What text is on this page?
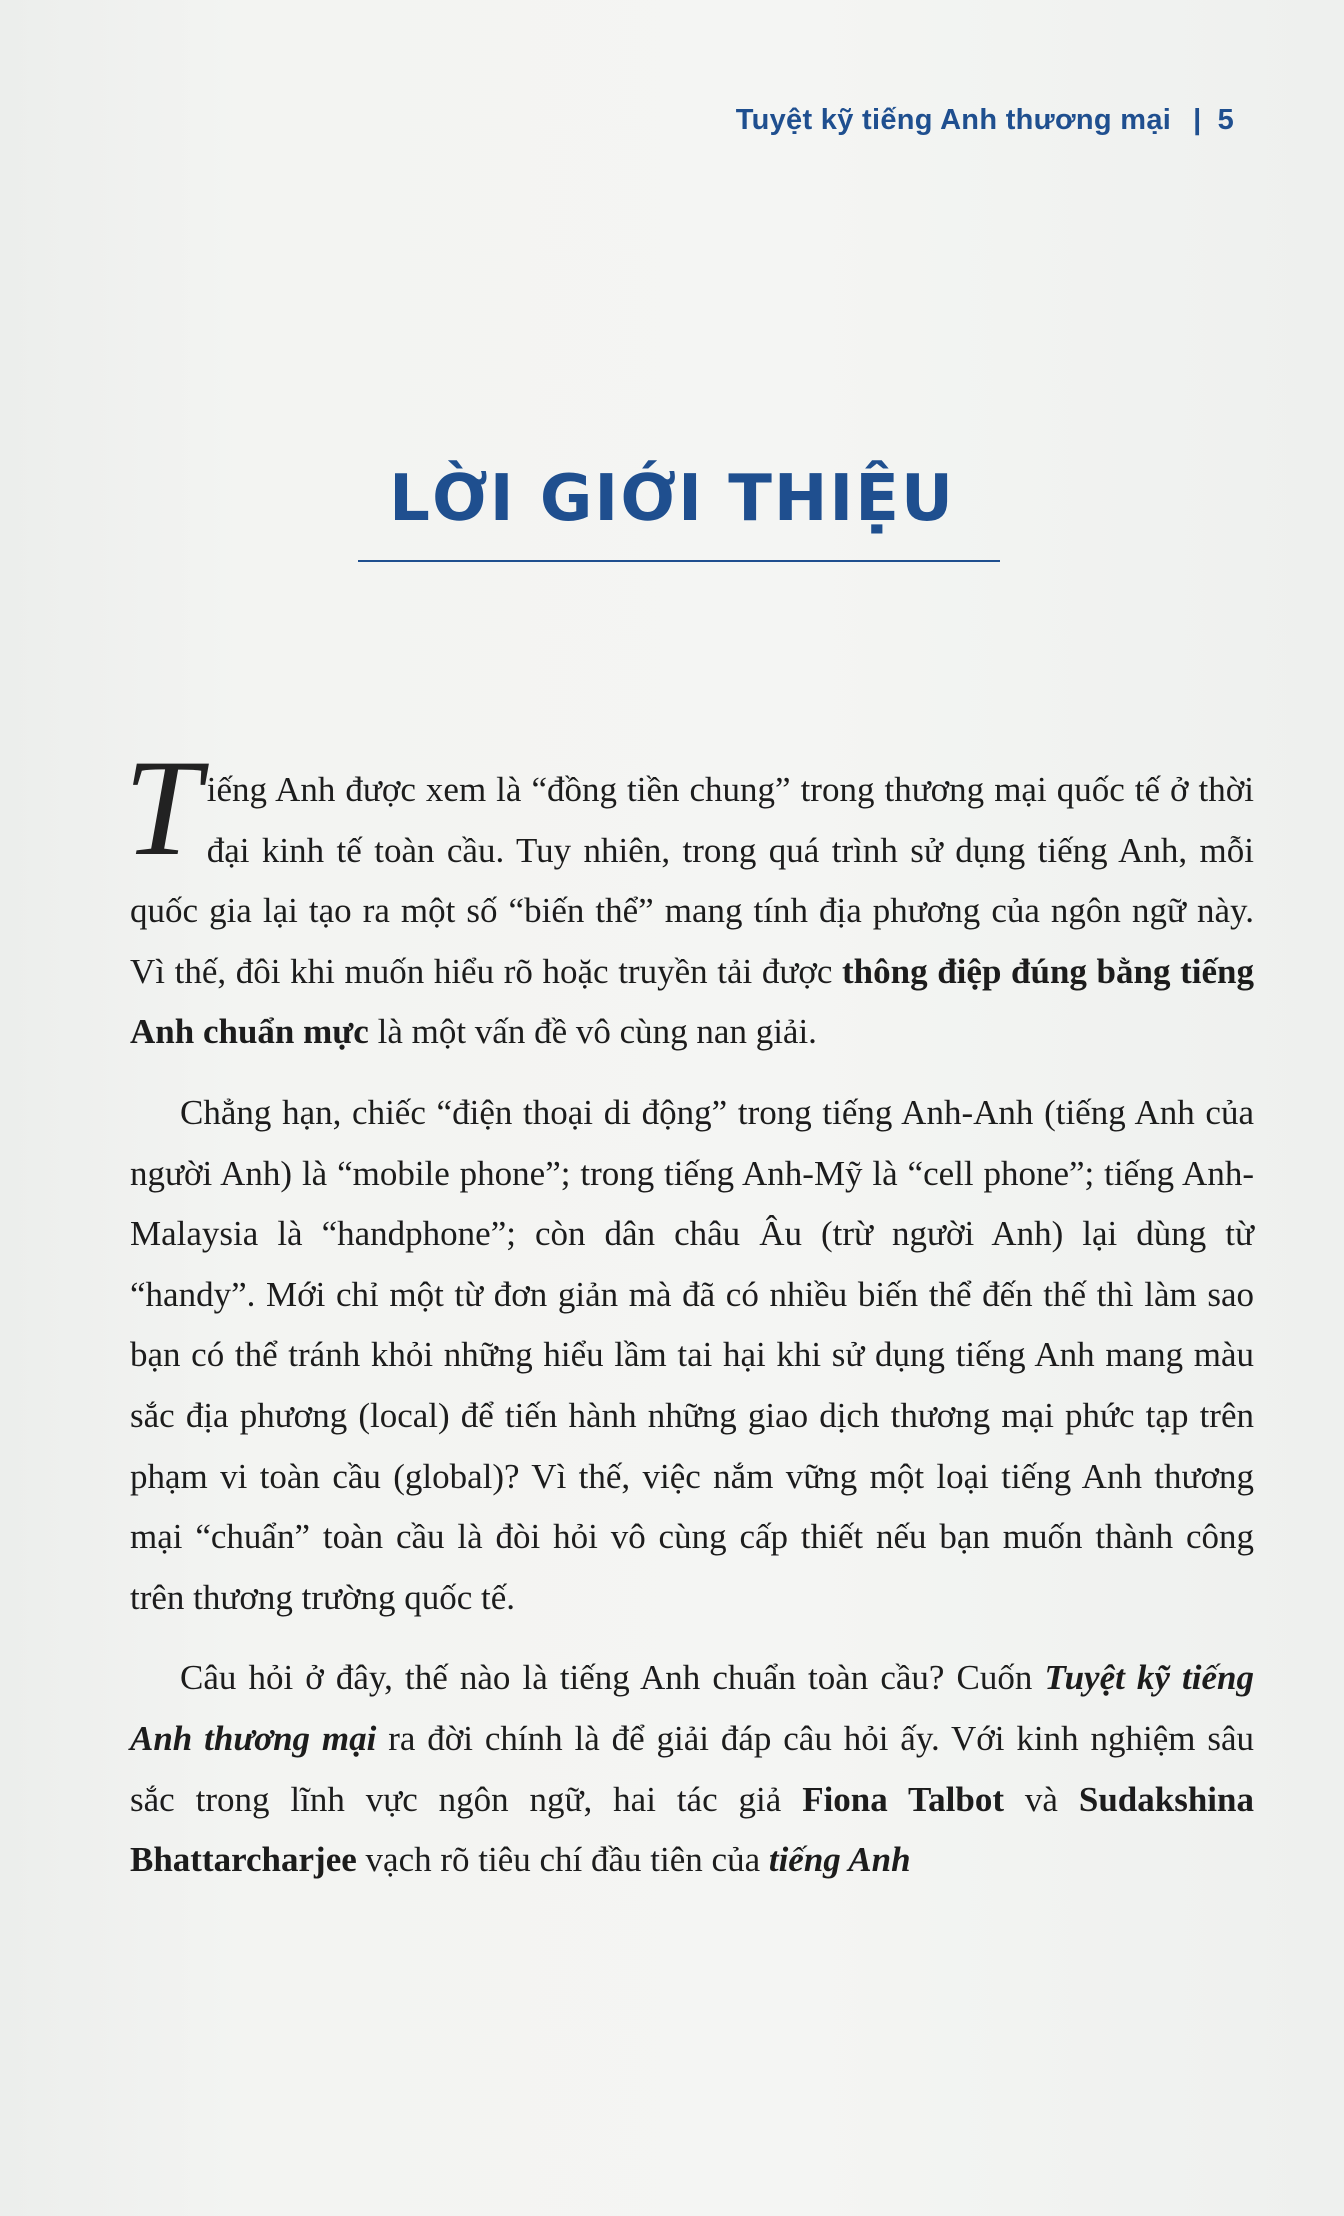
Tuyệt kỹ tiếng Anh thương mại | 5
LỜI GIỚI THIỆU

Tiếng Anh được xem là “đồng tiền chung” trong thương mại quốc tế ở thời đại kinh tế toàn cầu. Tuy nhiên, trong quá trình sử dụng tiếng Anh, mỗi quốc gia lại tạo ra một số “biến thể” mang tính địa phương của ngôn ngữ này. Vì thế, đôi khi muốn hiểu rõ hoặc truyền tải được thông điệp đúng bằng tiếng Anh chuẩn mực là một vấn đề vô cùng nan giải.

Chẳng hạn, chiếc “điện thoại di động” trong tiếng Anh-Anh (tiếng Anh của người Anh) là “mobile phone”; trong tiếng Anh-Mỹ là “cell phone”; tiếng Anh-Malaysia là “handphone”; còn dân châu Âu (trừ người Anh) lại dùng từ “handy”. Mới chỉ một từ đơn giản mà đã có nhiều biến thể đến thế thì làm sao bạn có thể tránh khỏi những hiểu lầm tai hại khi sử dụng tiếng Anh mang màu sắc địa phương (local) để tiến hành những giao dịch thương mại phức tạp trên phạm vi toàn cầu (global)? Vì thế, việc nắm vững một loại tiếng Anh thương mại “chuẩn” toàn cầu là đòi hỏi vô cùng cấp thiết nếu bạn muốn thành công trên thương trường quốc tế.

Câu hỏi ở đây, thế nào là tiếng Anh chuẩn toàn cầu? Cuốn Tuyệt kỹ tiếng Anh thương mại ra đời chính là để giải đáp câu hỏi ấy. Với kinh nghiệm sâu sắc trong lĩnh vực ngôn ngữ, hai tác giả Fiona Talbot và Sudakshina Bhattarcharjee vạch rõ tiêu chí đầu tiên của tiếng Anh
